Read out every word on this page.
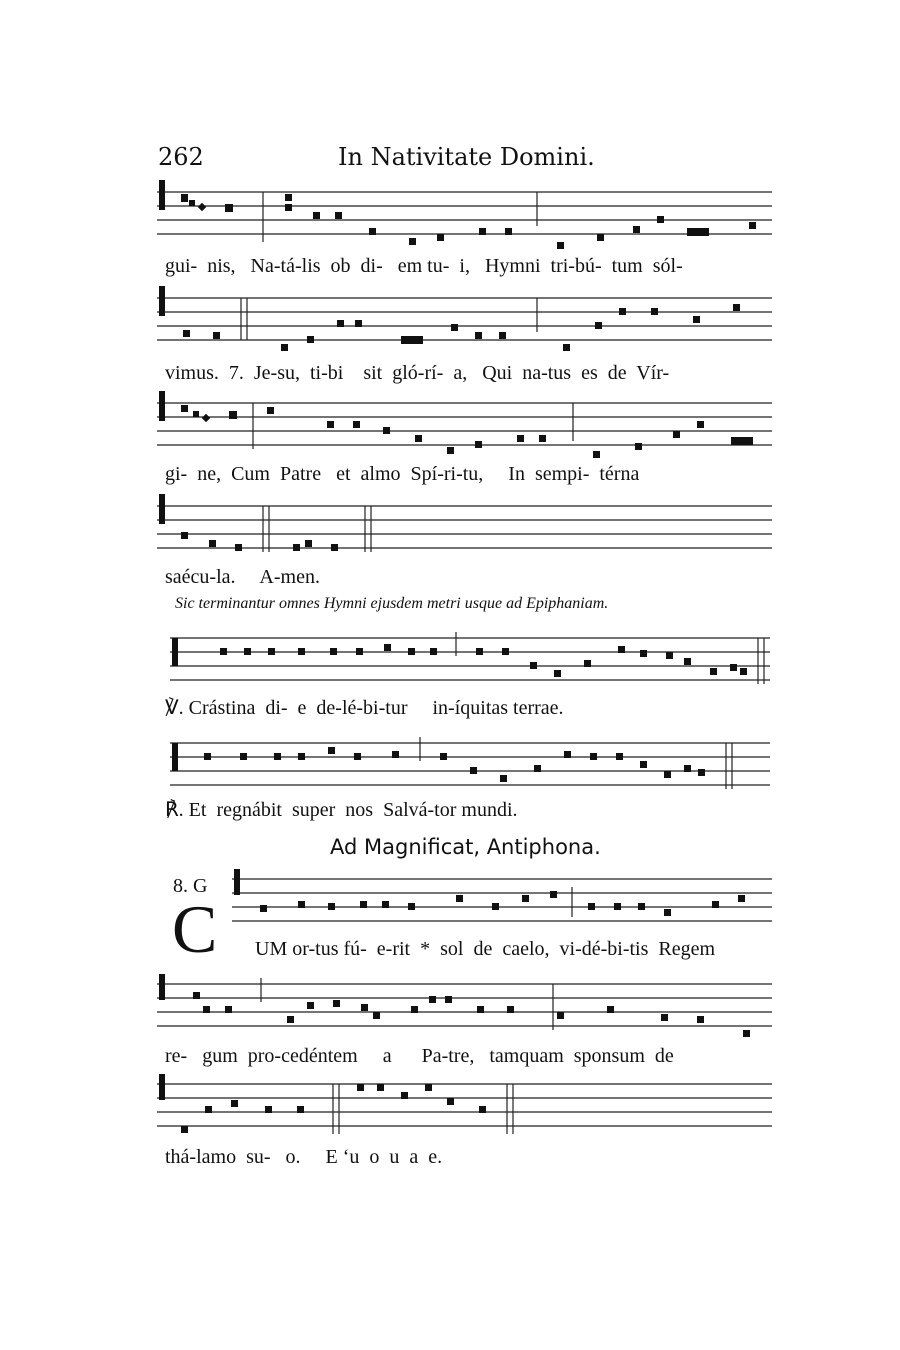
262	In Nativitate Domini.
gui-  nis,   Na-tá-lis  ob  di-   em tu-  i,   Hymni  tri-bú-  tum  sól-
vimus.  7.  Je-su,  ti-bi    sit  gló-rí-  a,   Qui  na-tus  es  de  Vír-
gi-  ne,  Cum  Patre   et  almo  Spí-ri-tu,     In  sempi-  térna
saécu-la.     A-men.
Sic terminantur omnes Hymni ejusdem metri usque ad Epiphaniam.
℣. Crástina  di-  e  de-lé-bi-tur     in-íquitas terrae.
℟. Et  regnábit  super  nos  Salvá-tor mundi.
Ad Magnificat, Antiphona.
8. G
C UM or-tus fú-  e-rit  *  sol  de  caelo,  vi-dé-bi-tis  Regem
re-   gum  pro-cedéntem     a      Pa-tre,   tamquam  sponsum  de
thá-lamo  su-   o.     E ‘u  o  u  a  e.
